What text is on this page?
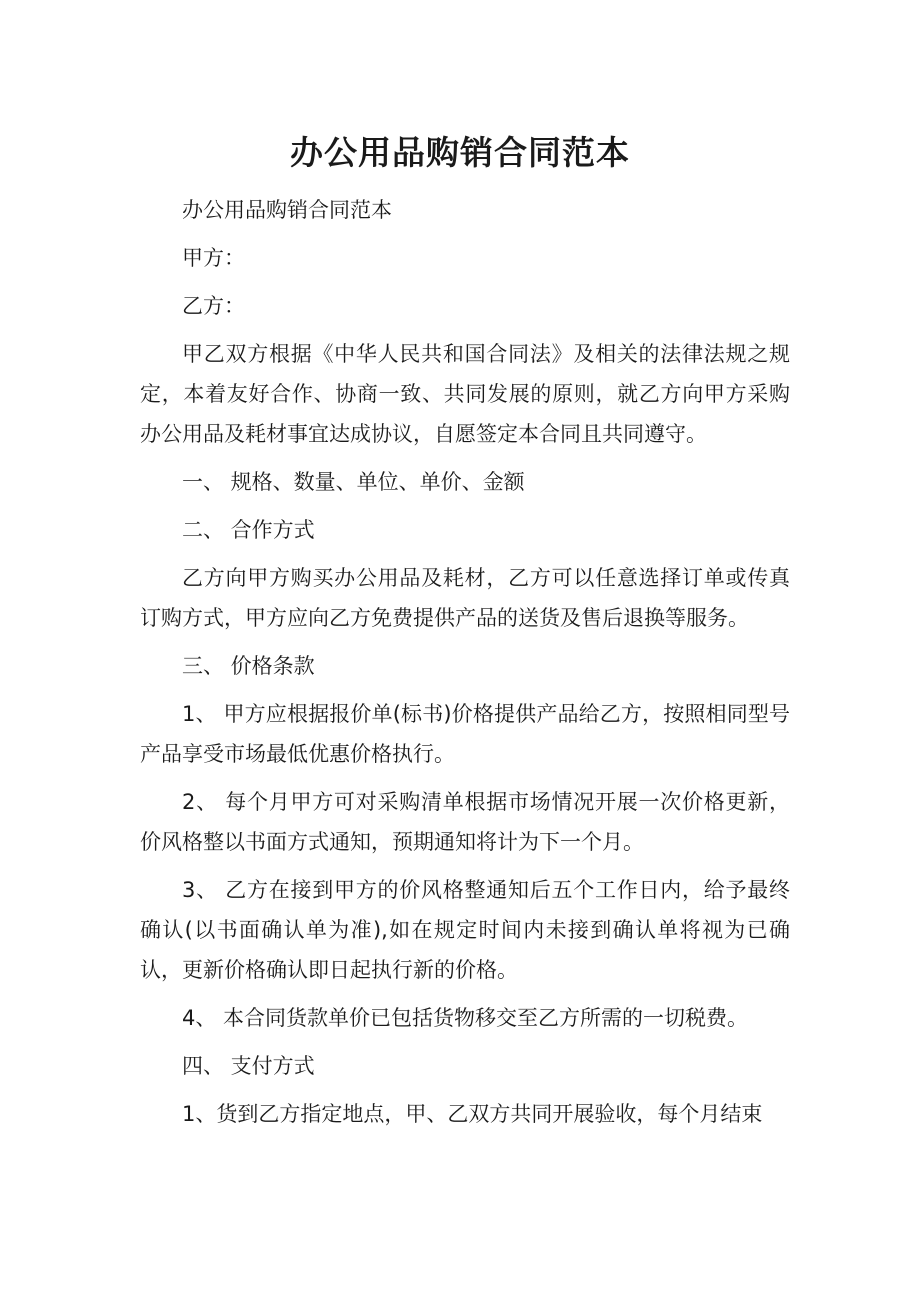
办公用品购销合同范本

办公用品购销合同范本

甲方：

乙方：

甲乙双方根据《中华人民共和国合同法》及相关的法律法规之规定，本着友好合作、协商一致、共同发展的原则，就乙方向甲方采购办公用品及耗材事宜达成协议，自愿签定本合同且共同遵守。

一、 规格、数量、单位、单价、金额

二、 合作方式

乙方向甲方购买办公用品及耗材，乙方可以任意选择订单或传真订购方式，甲方应向乙方免费提供产品的送货及售后退换等服务。

三、 价格条款

1、 甲方应根据报价单(标书)价格提供产品给乙方，按照相同型号产品享受市场最低优惠价格执行。

2、 每个月甲方可对采购清单根据市场情况开展一次价格更新，价风格整以书面方式通知，预期通知将计为下一个月。

3、 乙方在接到甲方的价风格整通知后五个工作日内，给予最终确认(以书面确认单为准),如在规定时间内未接到确认单将视为已确认，更新价格确认即日起执行新的价格。

4、 本合同货款单价已包括货物移交至乙方所需的一切税费。

四、 支付方式

1、货到乙方指定地点，甲、乙双方共同开展验收，每个月结束
